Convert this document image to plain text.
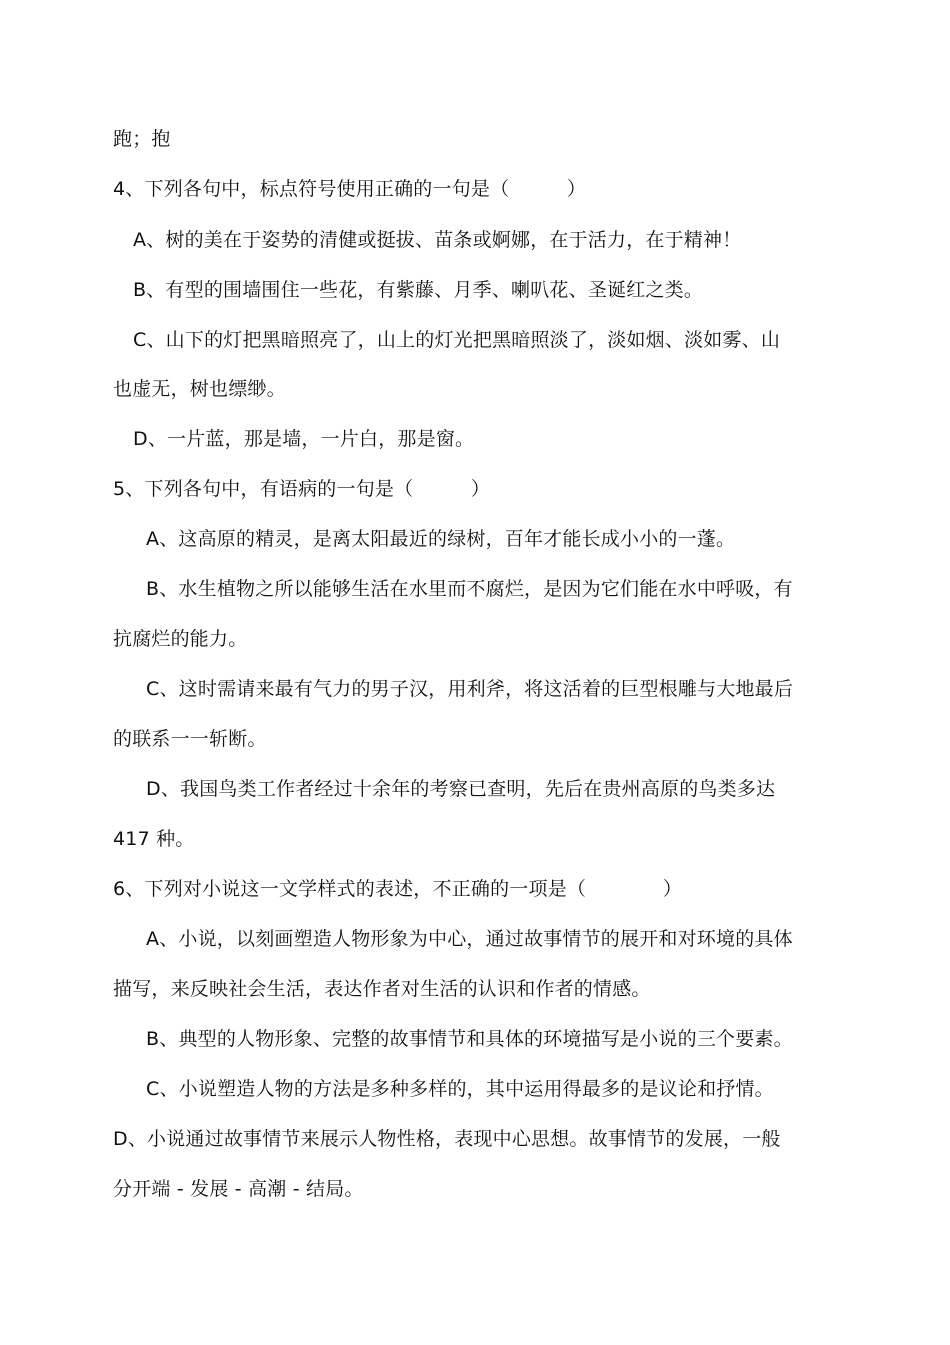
跑；抱
4、下列各句中，标点符号使用正确的一句是（　　　）
A、树的美在于姿势的清健或挺拔、苗条或婀娜，在于活力，在于精神！
B、有型的围墙围住一些花，有紫藤、月季、喇叭花、圣诞红之类。
C、山下的灯把黑暗照亮了，山上的灯光把黑暗照淡了，淡如烟、淡如雾、山
也虚无，树也缥缈。
D、一片蓝，那是墙，一片白，那是窗。
5、下列各句中，有语病的一句是（　　　）
A、这高原的精灵，是离太阳最近的绿树，百年才能长成小小的一蓬。
B、水生植物之所以能够生活在水里而不腐烂，是因为它们能在水中呼吸，有
抗腐烂的能力。
C、这时需请来最有气力的男子汉，用利斧，将这活着的巨型根雕与大地最后
的联系一一斩断。
D、我国鸟类工作者经过十余年的考察已查明，先后在贵州高原的鸟类多达
417 种。
6、下列对小说这一文学样式的表述，不正确的一项是（　　　　）
A、小说，以刻画塑造人物形象为中心，通过故事情节的展开和对环境的具体
描写，来反映社会生活，表达作者对生活的认识和作者的情感。
B、典型的人物形象、完整的故事情节和具体的环境描写是小说的三个要素。
C、小说塑造人物的方法是多种多样的，其中运用得最多的是议论和抒情。
D、小说通过故事情节来展示人物性格，表现中心思想。故事情节的发展，一般
分开端 - 发展 - 高潮 - 结局。
